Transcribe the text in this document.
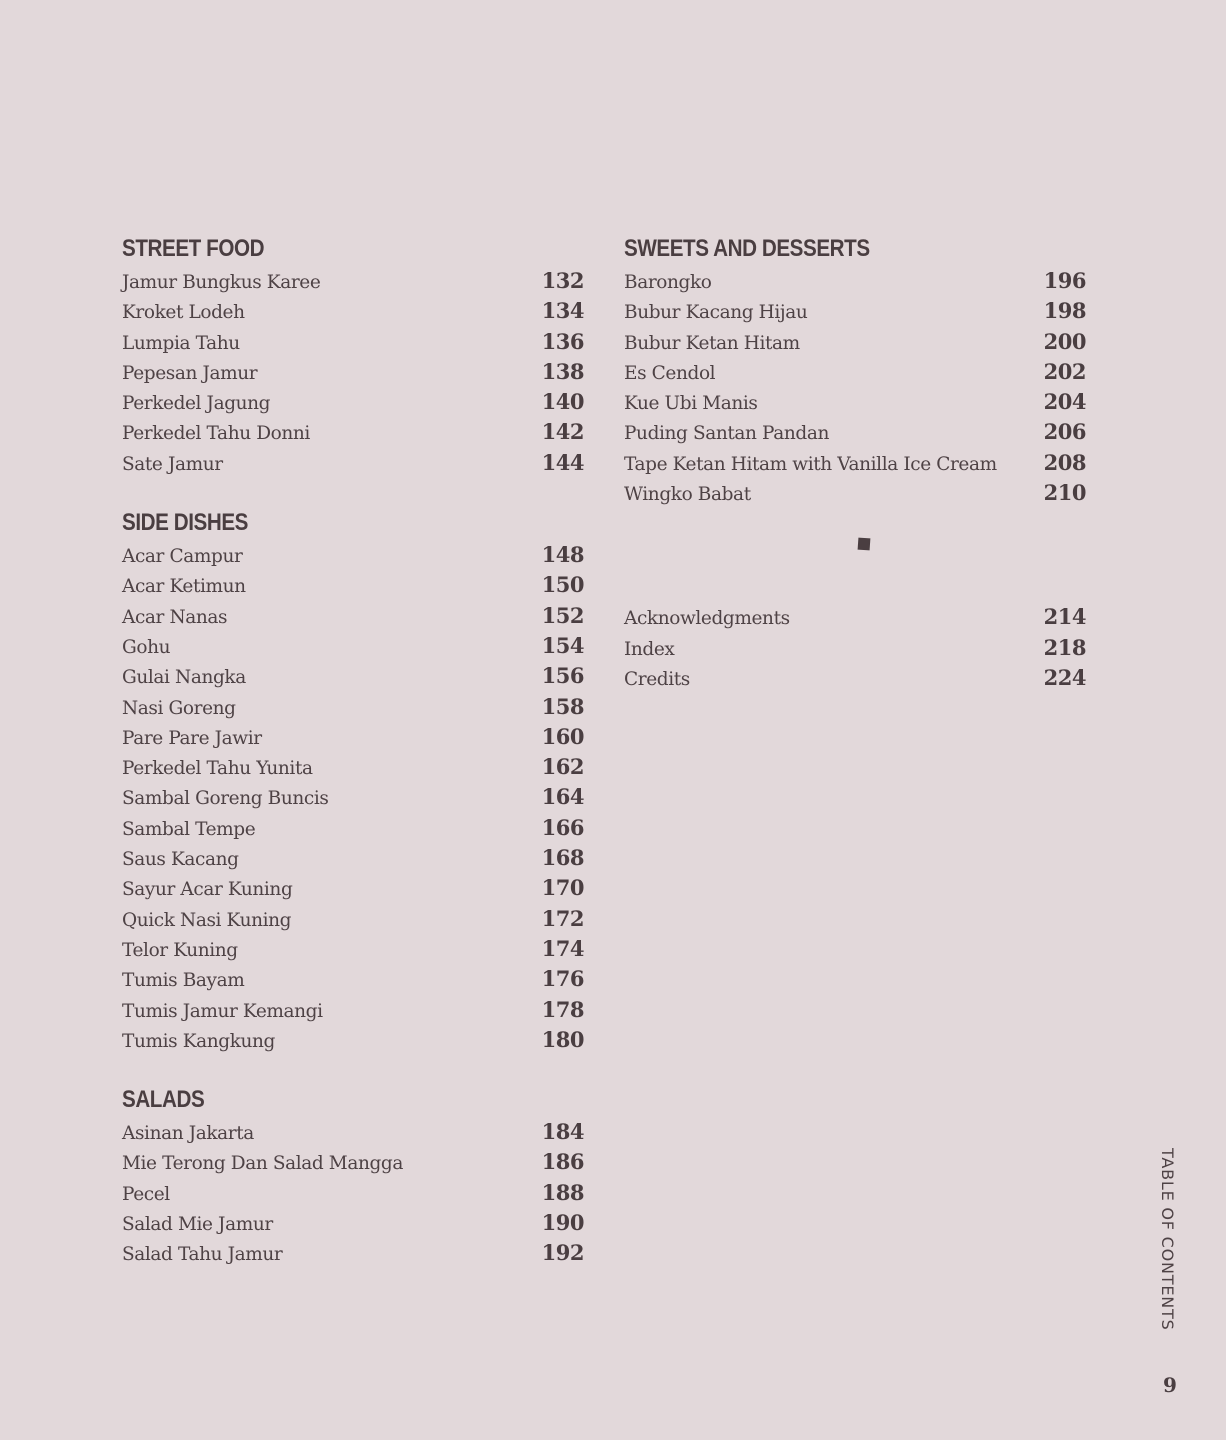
STREET FOOD
Jamur Bungkus Karee	132
Kroket Lodeh	134
Lumpia Tahu	136
Pepesan Jamur	138
Perkedel Jagung	140
Perkedel Tahu Donni	142
Sate Jamur	144
SIDE DISHES
Acar Campur	148
Acar Ketimun	150
Acar Nanas	152
Gohu	154
Gulai Nangka	156
Nasi Goreng	158
Pare Pare Jawir	160
Perkedel Tahu Yunita	162
Sambal Goreng Buncis	164
Sambal Tempe	166
Saus Kacang	168
Sayur Acar Kuning	170
Quick Nasi Kuning	172
Telor Kuning	174
Tumis Bayam	176
Tumis Jamur Kemangi	178
Tumis Kangkung	180
SALADS
Asinan Jakarta	184
Mie Terong Dan Salad Mangga	186
Pecel	188
Salad Mie Jamur	190
Salad Tahu Jamur	192
SWEETS AND DESSERTS
Barongko	196
Bubur Kacang Hijau	198
Bubur Ketan Hitam	200
Es Cendol	202
Kue Ubi Manis	204
Puding Santan Pandan	206
Tape Ketan Hitam with Vanilla Ice Cream 208
Wingko Babat	210
Acknowledgments	214
Index	218
Credits	224
TABLE OF CONTENTS
9
